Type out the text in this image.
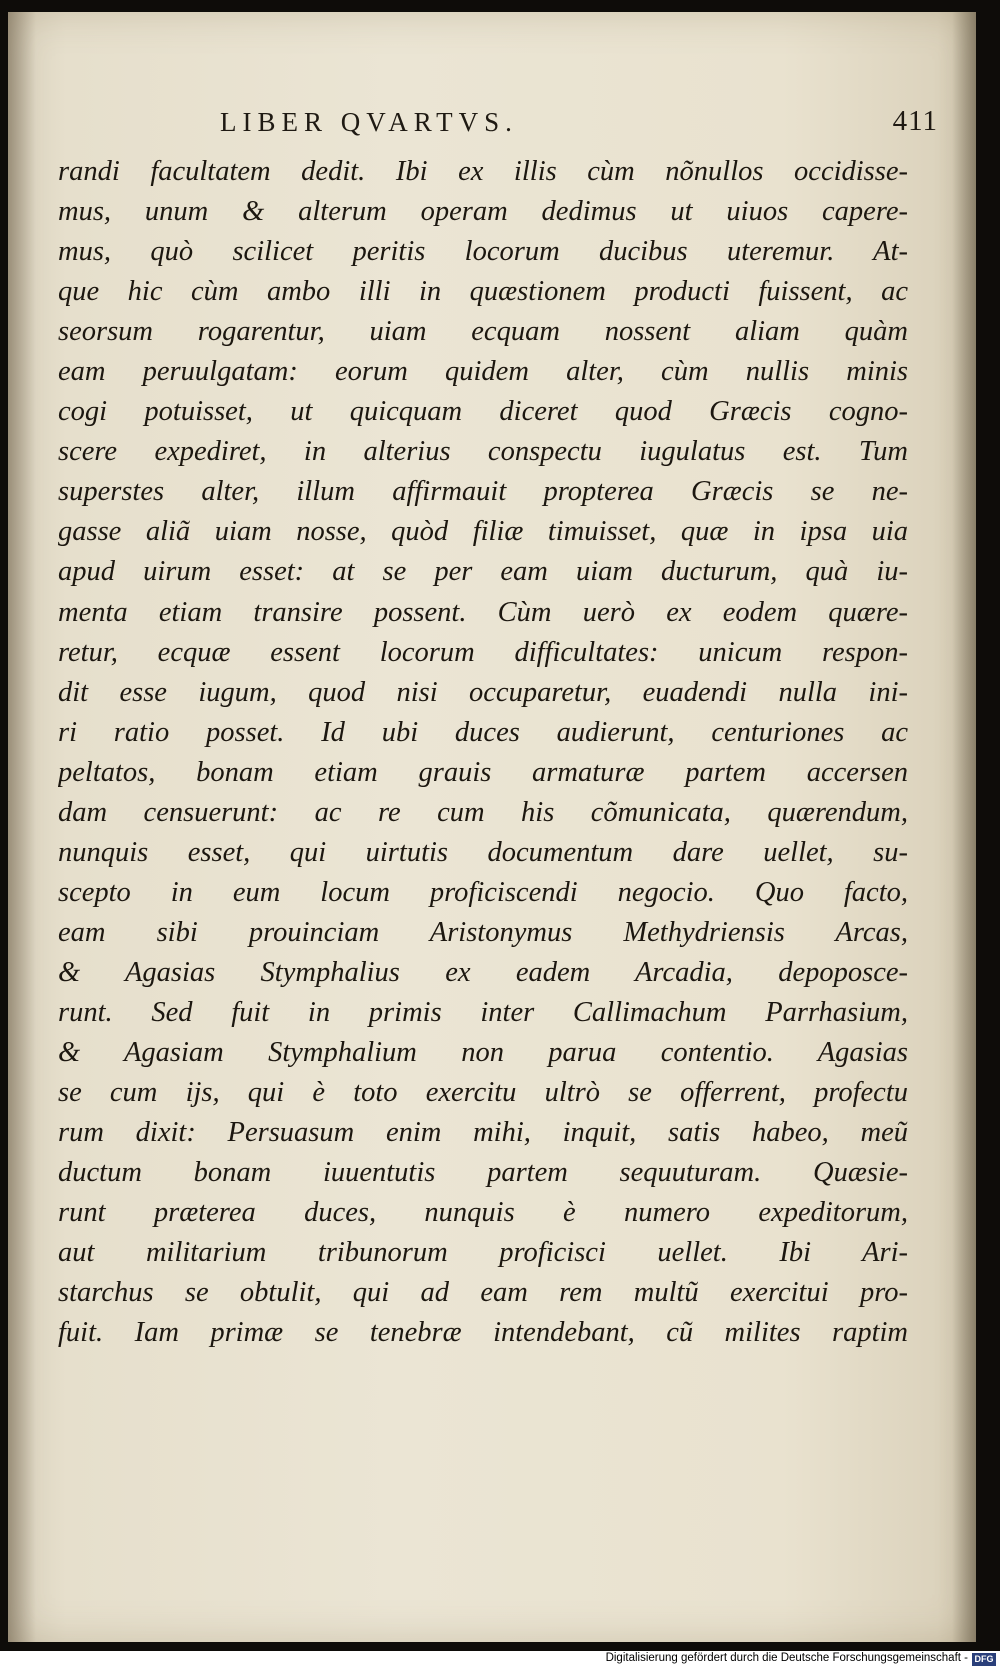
LIBER QVARTVS.	411
randi facultatem dedit. Ibi ex illis cùm nõnullos occidisse-
mus, unum & alterum operam dedimus ut uiuos capere-
mus, quò scilicet peritis locorum ducibus uteremur. At-
que hic cùm ambo illi in quæstionem producti fuissent, ac
seorsum rogarentur, uiam ecquam nossent aliam quàm
eam peruulgatam: eorum quidem alter, cùm nullis minis
cogi potuisset, ut quicquam diceret quod Græcis cogno-
scere expediret, in alterius conspectu iugulatus est. Tum
superstes alter, illum affirmauit propterea Græcis se ne-
gasse aliã uiam nosse, quòd filiæ timuisset, quæ in ipsa uia
apud uirum esset: at se per eam uiam ducturum, quà iu-
menta etiam transire possent. Cùm uerò ex eodem quære-
retur, ecquæ essent locorum difficultates: unicum respon-
dit esse iugum, quod nisi occuparetur, euadendi nulla ini-
ri ratio posset. Id ubi duces audierunt, centuriones ac
peltatos, bonam etiam grauis armaturæ partem accersen
dam censuerunt: ac re cum his cõmunicata, quærendum,
nunquis esset, qui uirtutis documentum dare uellet, su-
scepto in eum locum proficiscendi negocio. Quo facto,
eam sibi prouinciam Aristonymus Methydriensis Arcas,
& Agasias Stymphalius ex eadem Arcadia, depoposce-
runt. Sed fuit in primis inter Callimachum Parrhasium,
& Agasiam Stymphalium non parua contentio. Agasias
se cum ijs, qui è toto exercitu ultrò se offerrent, profectu
rum dixit: Persuasum enim mihi, inquit, satis habeo, meũ
ductum bonam iuuentutis partem sequuturam. Quæsie-
runt præterea duces, nunquis è numero expeditorum,
aut militarium tribunorum proficisci uellet. Ibi Ari-
starchus se obtulit, qui ad eam rem multũ exercitui pro-
fuit. Iam primæ se tenebræ intendebant, cũ milites raptim
Digitalisierung gefördert durch die Deutsche Forschungsgemeinschaft - DFG
